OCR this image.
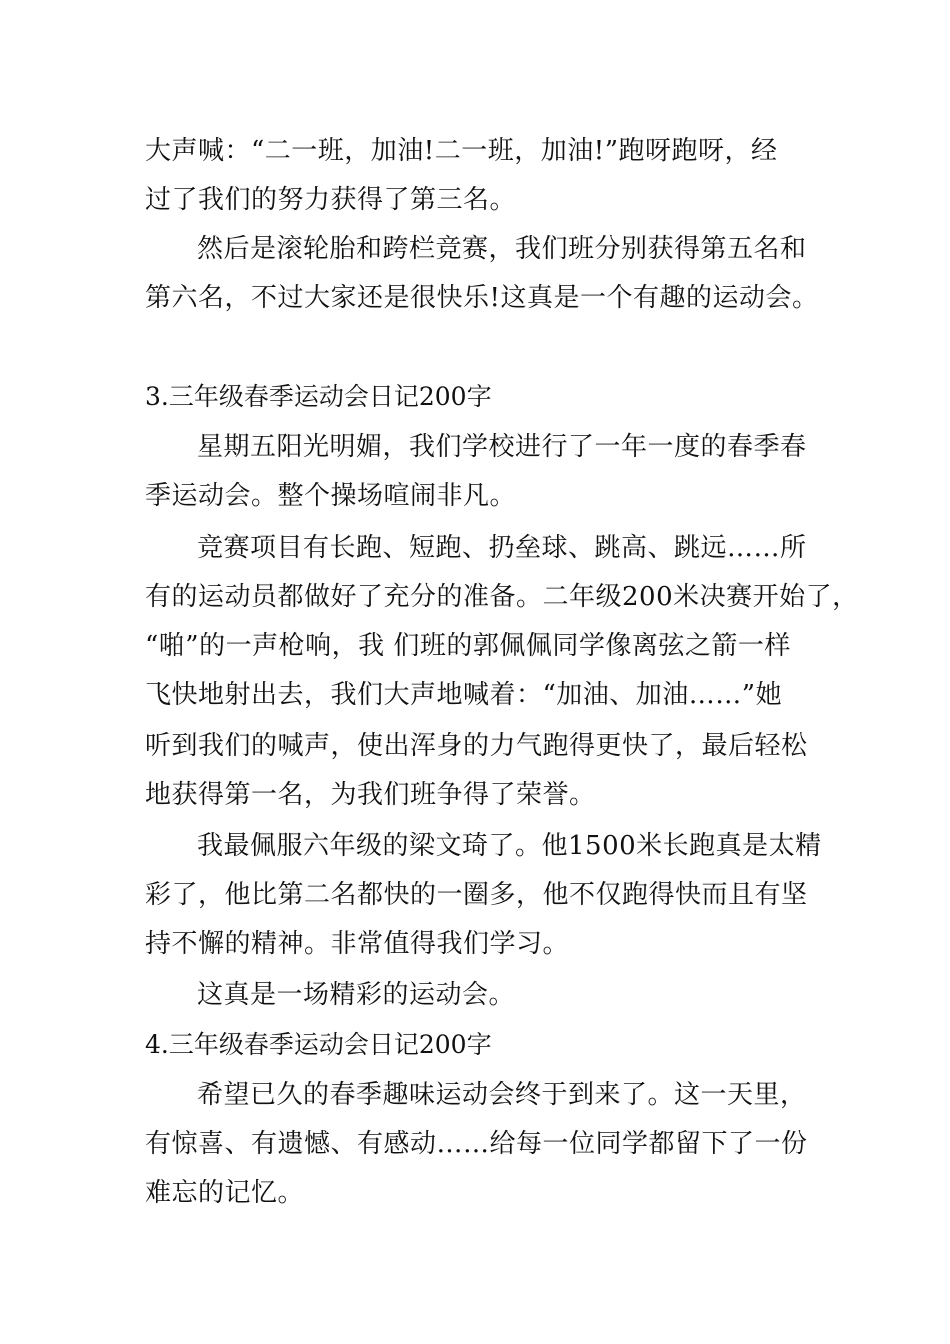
大声喊：“二一班，加油!二一班，加油!”跑呀跑呀，经
过了我们的努力获得了第三名。
然后是滚轮胎和跨栏竞赛，我们班分别获得第五名和
第六名，不过大家还是很快乐!这真是一个有趣的运动会。
3.三年级春季运动会日记200字
星期五阳光明媚，我们学校进行了一年一度的春季春
季运动会。整个操场喧闹非凡。
竞赛项目有长跑、短跑、扔垒球、跳高、跳远……所
有的运动员都做好了充分的准备。二年级200米决赛开始了，
“啪”的一声枪响，我 们班的郭佩佩同学像离弦之箭一样
飞快地射出去，我们大声地喊着：“加油、加油……”她
听到我们的喊声，使出浑身的力气跑得更快了，最后轻松
地获得第一名，为我们班争得了荣誉。
我最佩服六年级的梁文琦了。他1500米长跑真是太精
彩了，他比第二名都快的一圈多，他不仅跑得快而且有坚
持不懈的精神。非常值得我们学习。
这真是一场精彩的运动会。
4.三年级春季运动会日记200字
希望已久的春季趣味运动会终于到来了。这一天里，
有惊喜、有遗憾、有感动……给每一位同学都留下了一份
难忘的记忆。
